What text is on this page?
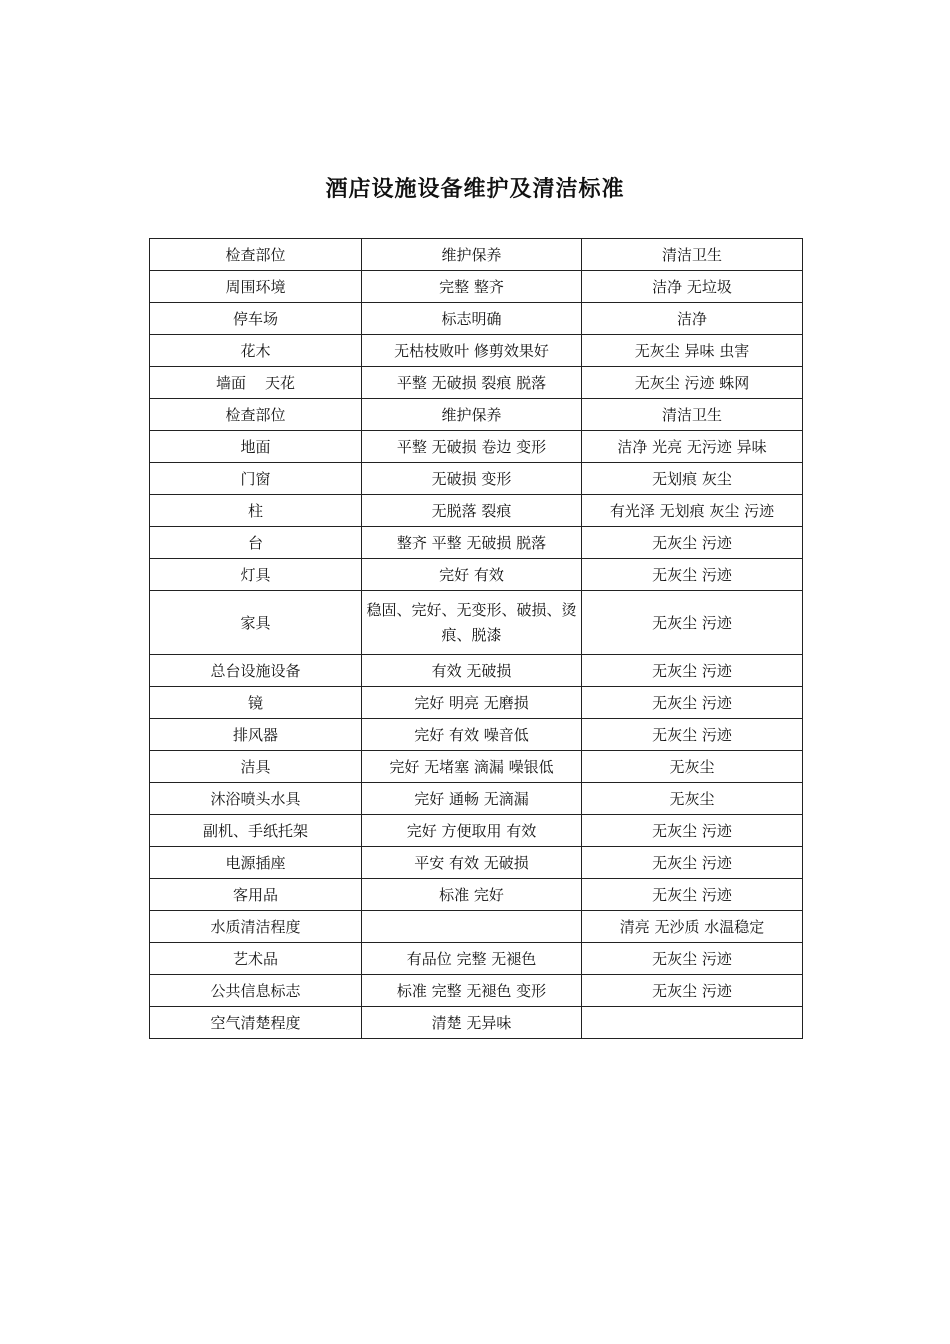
酒店设施设备维护及清洁标准
检查部位	维护保养	清洁卫生
周围环境	完整 整齐	洁净 无垃圾
停车场	标志明确	洁净
花木	无枯枝败叶 修剪效果好	无灰尘 异味 虫害
墙面    天花	平整 无破损 裂痕 脱落	无灰尘 污迹 蛛网
检查部位	维护保养	清洁卫生
地面	平整 无破损 卷边 变形	洁净 光亮 无污迹 异味
门窗	无破损 变形	无划痕 灰尘
柱	无脱落 裂痕	有光泽 无划痕 灰尘 污迹
台	整齐 平整 无破损 脱落	无灰尘 污迹
灯具	完好 有效	无灰尘 污迹
家具	稳固、完好、无变形、破损、烫痕、脱漆	无灰尘 污迹
总台设施设备	有效 无破损	无灰尘 污迹
镜	完好 明亮 无磨损	无灰尘 污迹
排风器	完好 有效 噪音低	无灰尘 污迹
洁具	完好 无堵塞 滴漏 噪银低	无灰尘
沐浴喷头水具	完好 通畅 无滴漏	无灰尘
副机、手纸托架	完好 方便取用 有效	无灰尘 污迹
电源插座	平安 有效 无破损	无灰尘 污迹
客用品	标准 完好	无灰尘 污迹
水质清洁程度		清亮 无沙质 水温稳定
艺术品	有品位 完整 无褪色	无灰尘 污迹
公共信息标志	标准 完整 无褪色 变形	无灰尘 污迹
空气清楚程度	清楚 无异味	
